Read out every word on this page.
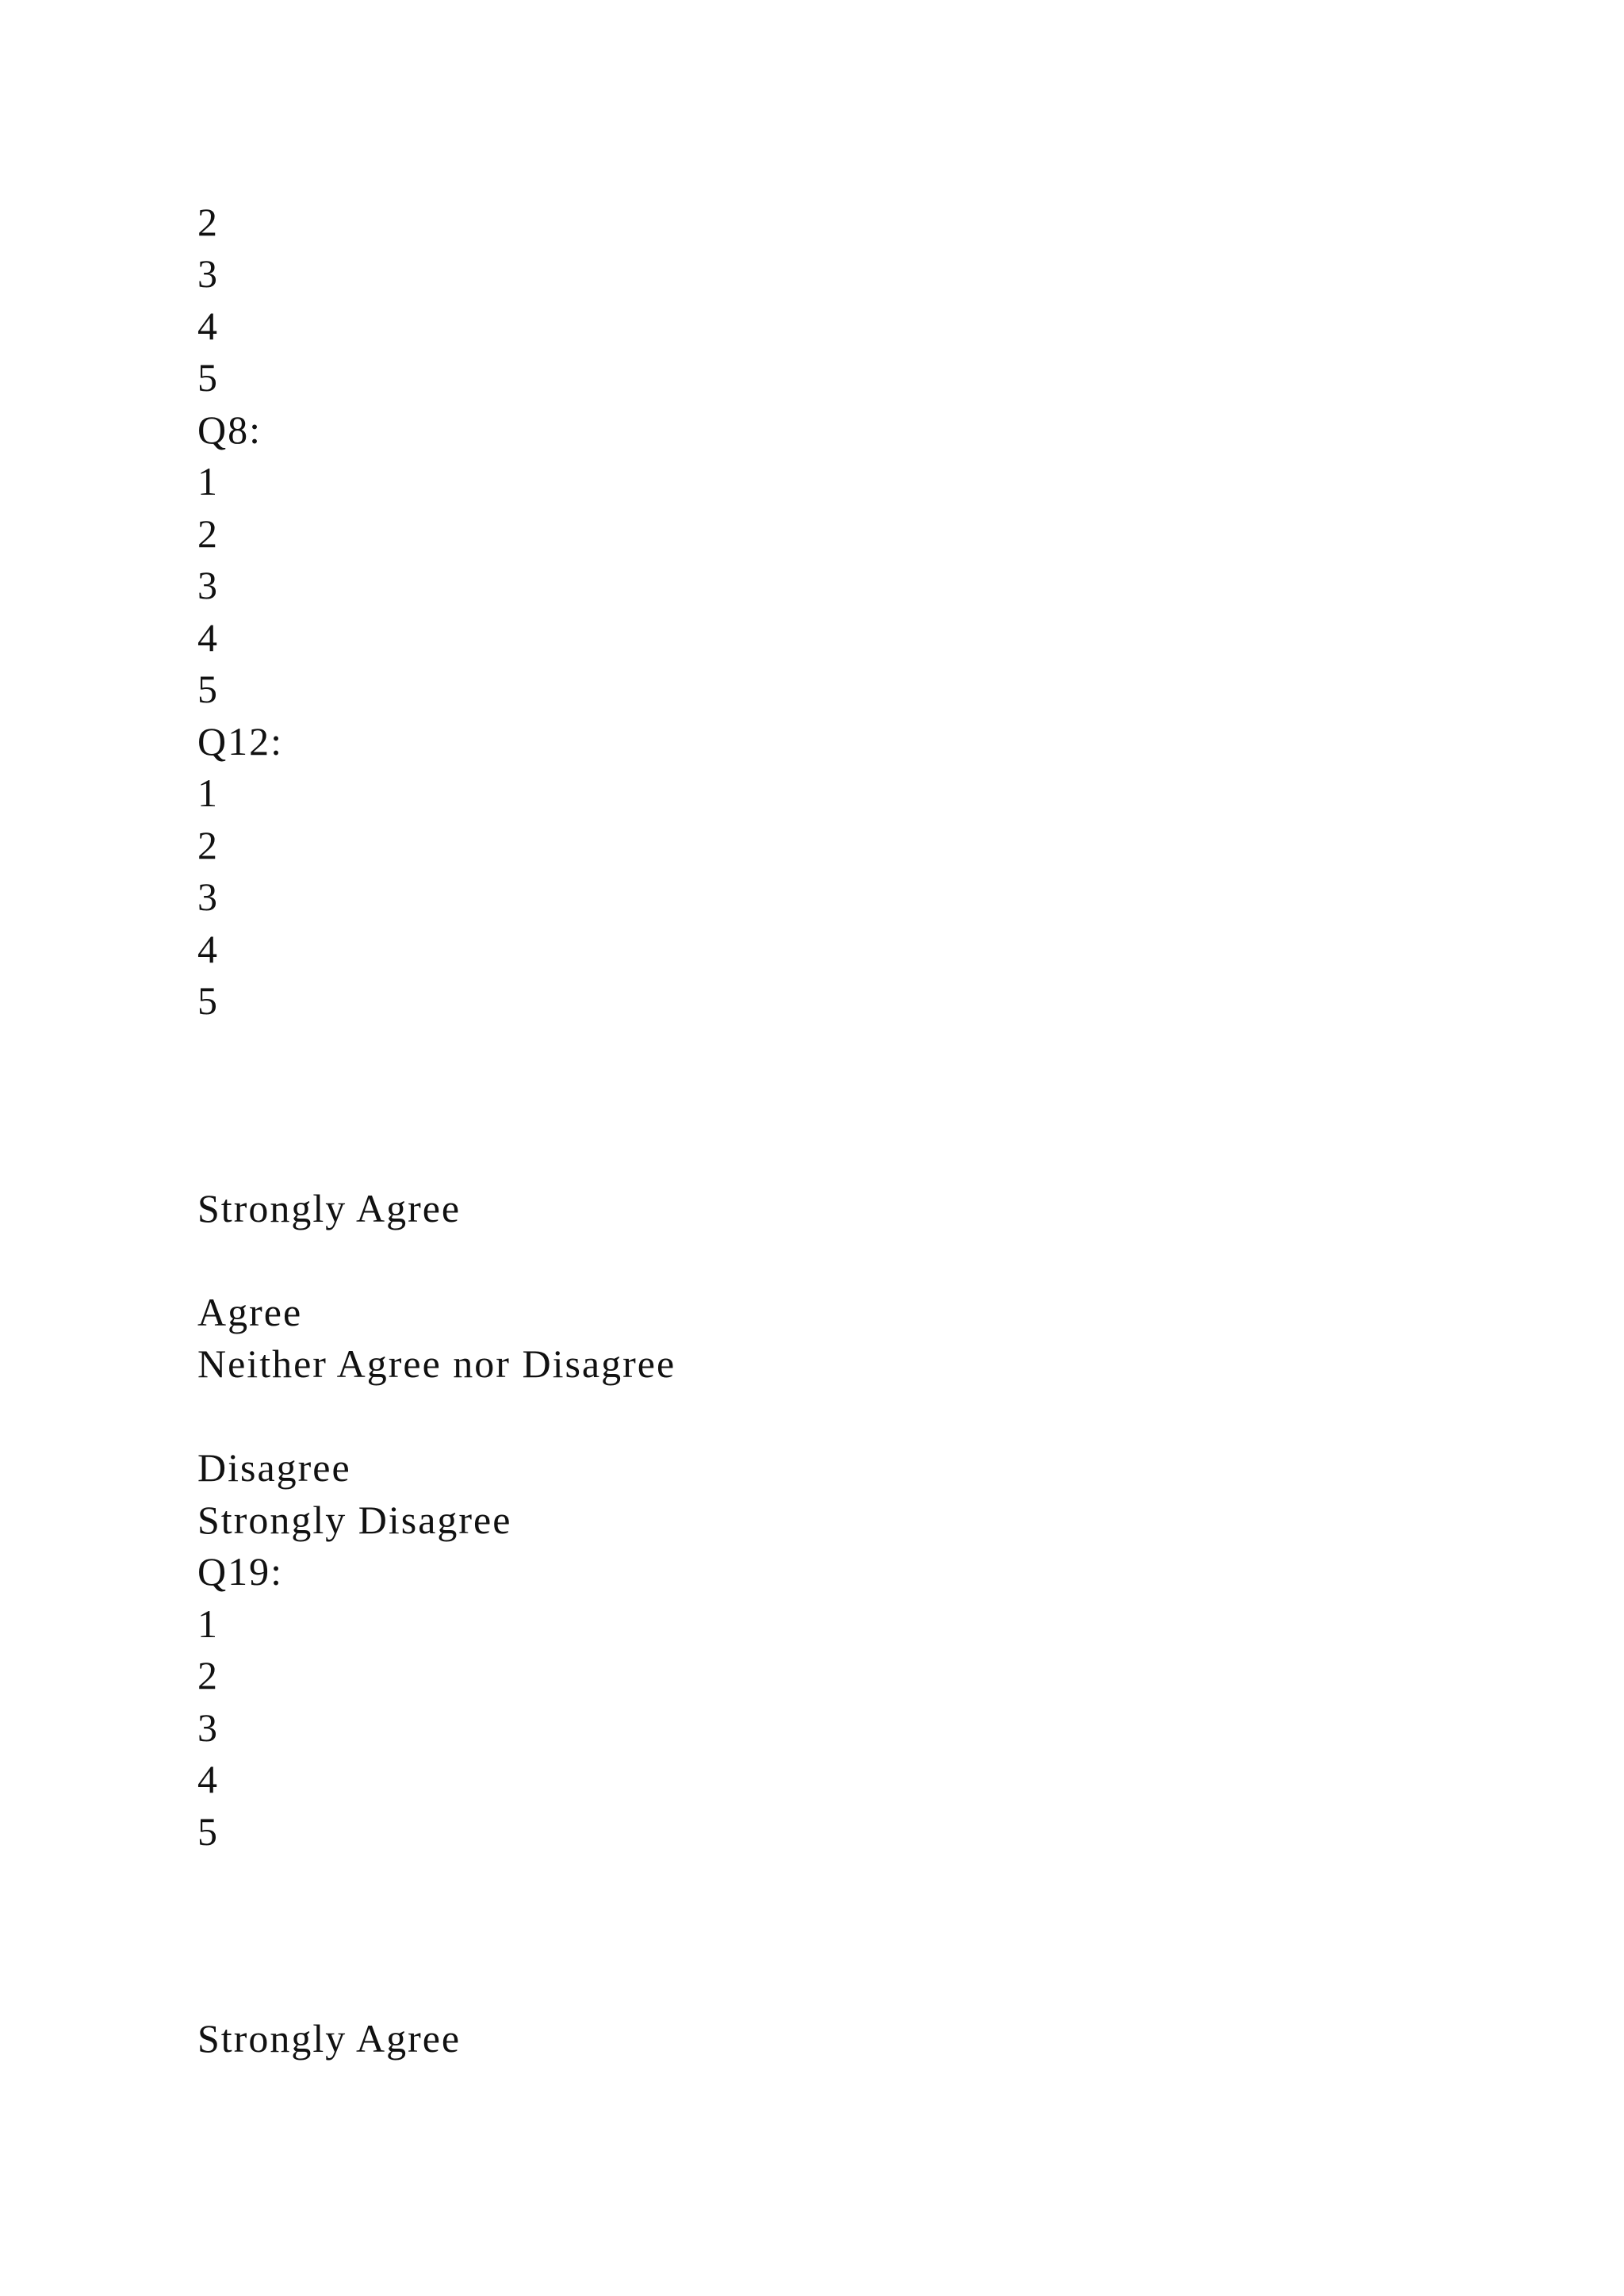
2

3

4

5

Q8:

1

2

3

4

5

Q12:

1

2

3

4

5

Strongly Agree

Agree

Neither Agree nor Disagree

Disagree

Strongly Disagree

Q19:

1

2

3

4

5

Strongly Agree
